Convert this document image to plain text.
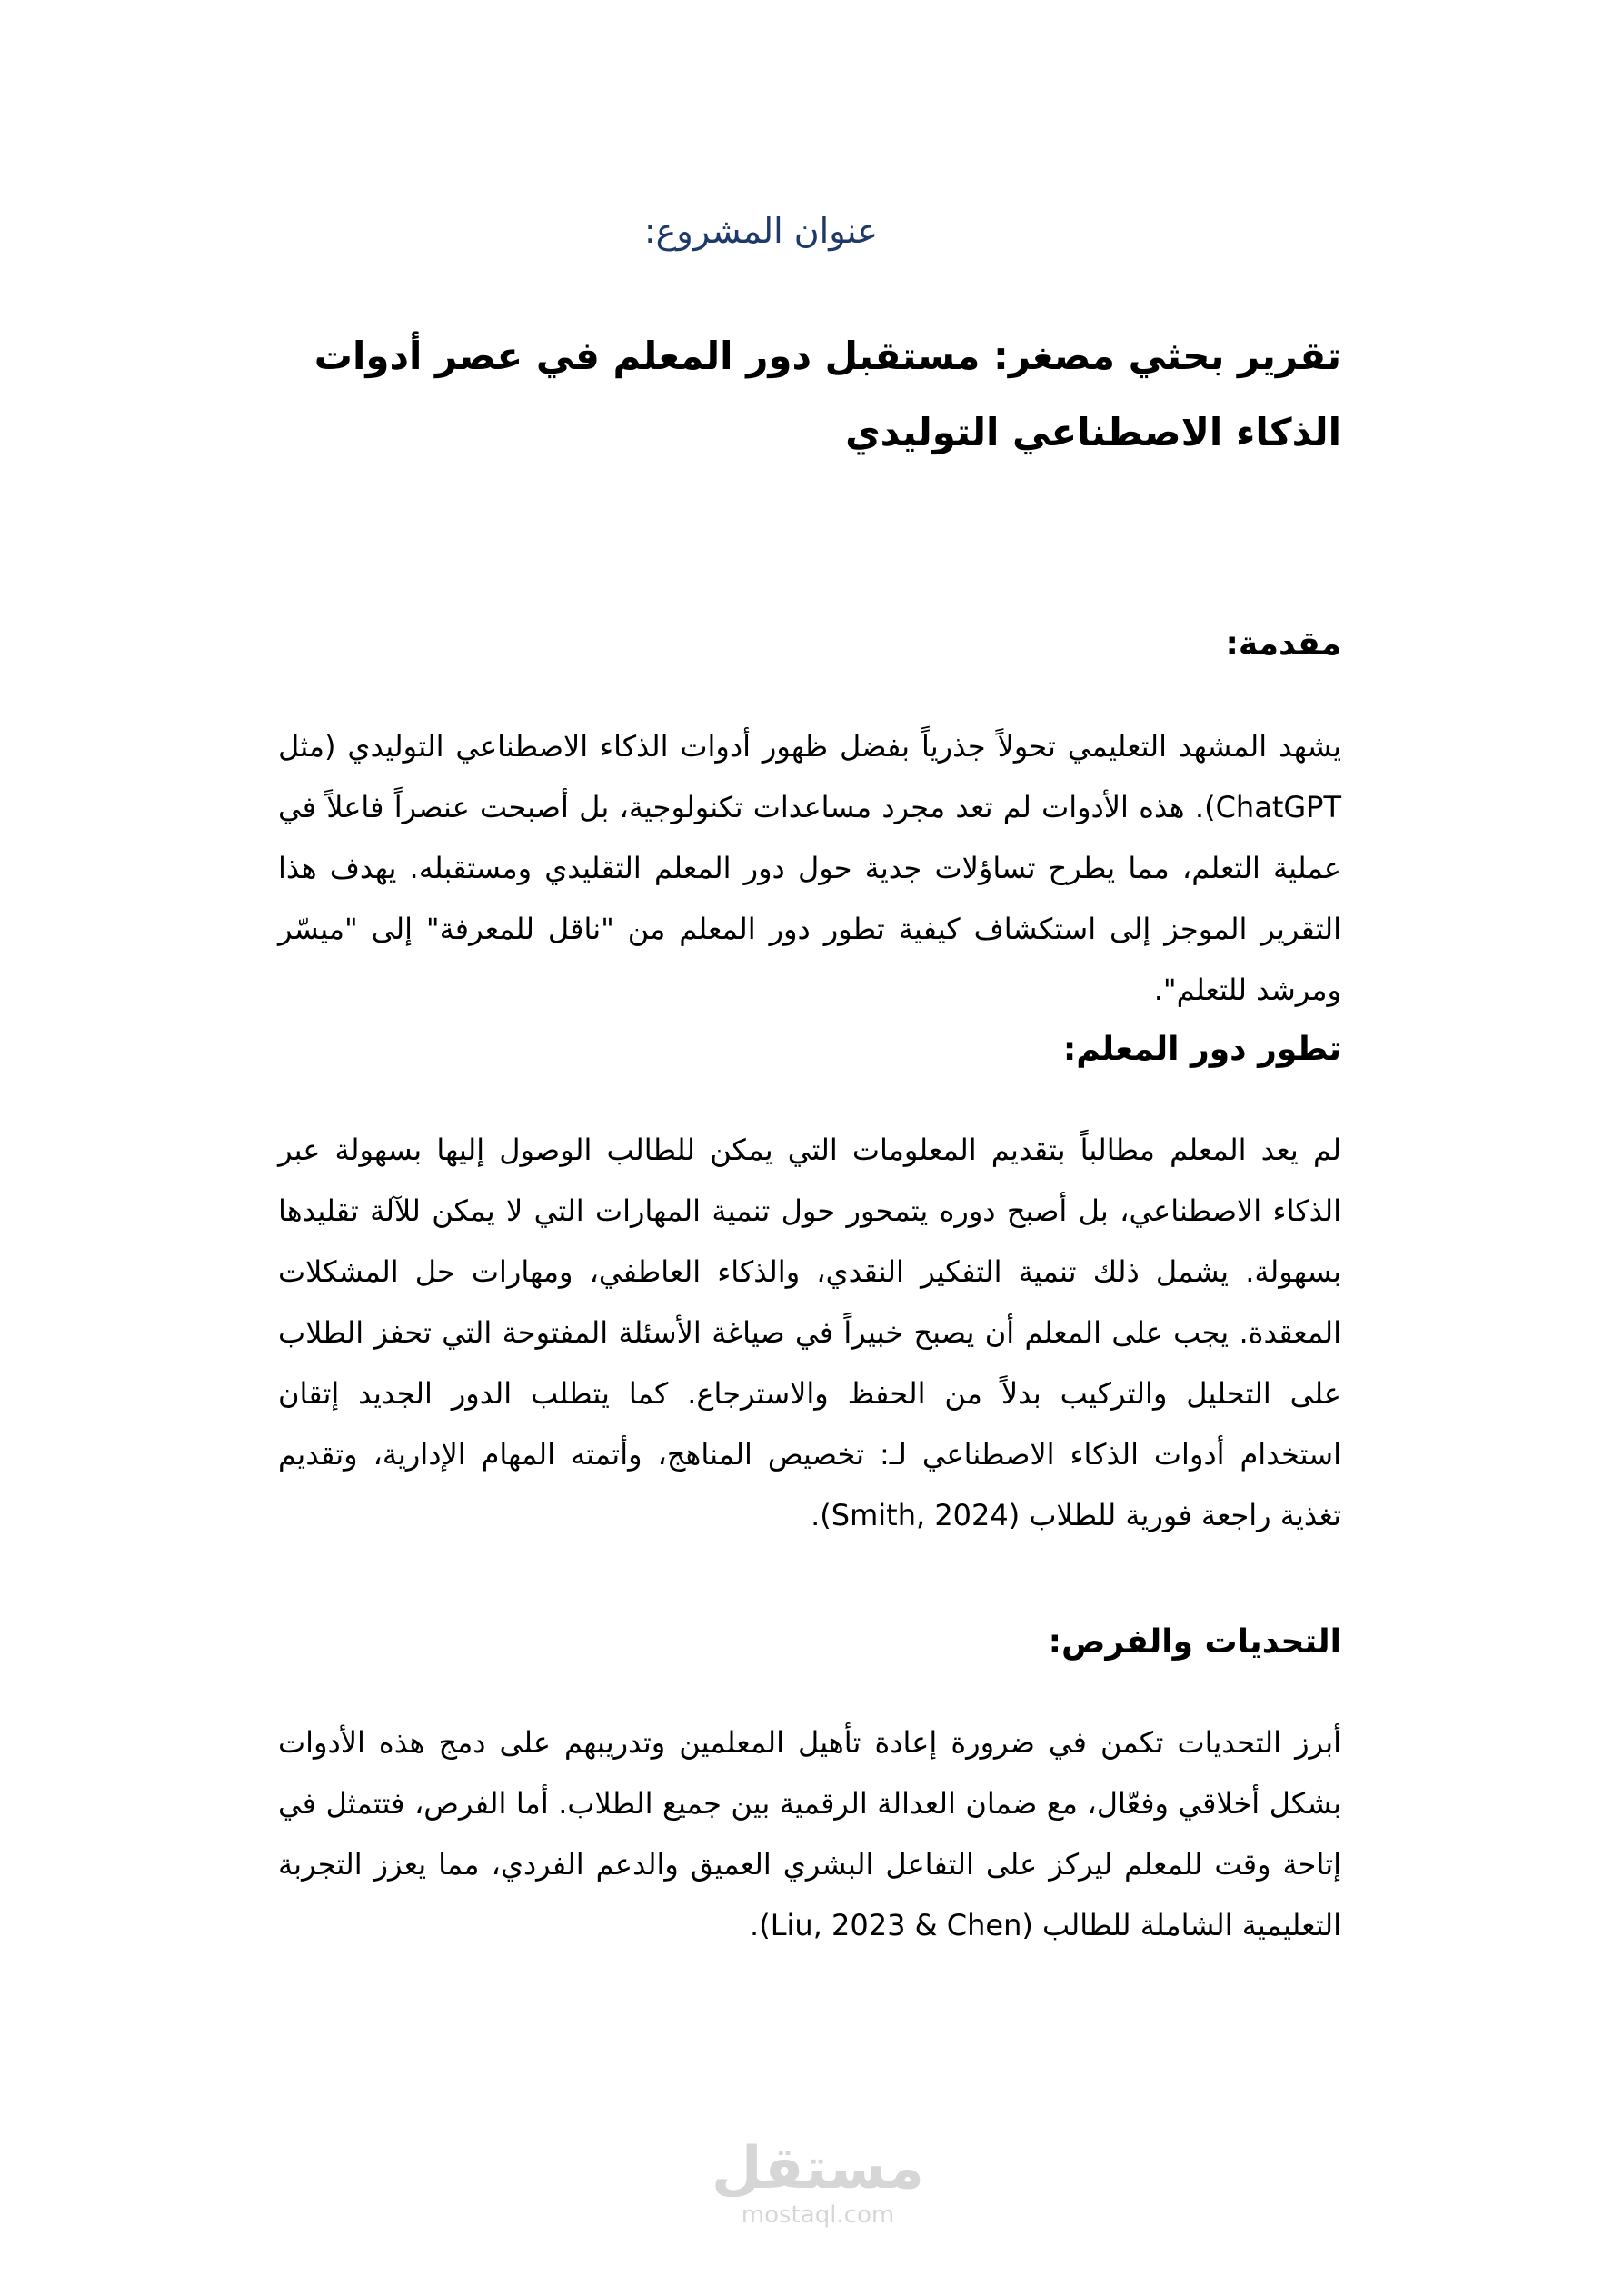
عنوان المشروع:
تقرير بحثي مصغر: مستقبل دور المعلم في عصر أدوات الذكاء الاصطناعي التوليدي
مقدمة:

يشهد المشهد التعليمي تحولاً جذرياً بفضل ظهور أدوات الذكاء الاصطناعي التوليدي (مثل ChatGPT). هذه الأدوات لم تعد مجرد مساعدات تكنولوجية، بل أصبحت عنصراً فاعلاً في عملية التعلم، مما يطرح تساؤلات جدية حول دور المعلم التقليدي ومستقبله. يهدف هذا التقرير الموجز إلى استكشاف كيفية تطور دور المعلم من "ناقل للمعرفة" إلى "ميسّر ومرشد للتعلم".

تطور دور المعلم:

لم يعد المعلم مطالباً بتقديم المعلومات التي يمكن للطالب الوصول إليها بسهولة عبر الذكاء الاصطناعي، بل أصبح دوره يتمحور حول تنمية المهارات التي لا يمكن للآلة تقليدها بسهولة. يشمل ذلك تنمية التفكير النقدي، والذكاء العاطفي، ومهارات حل المشكلات المعقدة. يجب على المعلم أن يصبح خبيراً في صياغة الأسئلة المفتوحة التي تحفز الطلاب على التحليل والتركيب بدلاً من الحفظ والاسترجاع. كما يتطلب الدور الجديد إتقان استخدام أدوات الذكاء الاصطناعي لـ: تخصيص المناهج، وأتمته المهام الإدارية، وتقديم تغذية راجعة فورية للطلاب (Smith, 2024).

التحديات والفرص:

أبرز التحديات تكمن في ضرورة إعادة تأهيل المعلمين وتدريبهم على دمج هذه الأدوات بشكل أخلاقي وفعّال، مع ضمان العدالة الرقمية بين جميع الطلاب. أما الفرص، فتتمثل في إتاحة وقت للمعلم ليركز على التفاعل البشري العميق والدعم الفردي، مما يعزز التجربة التعليمية الشاملة للطالب (Liu, 2023 & Chen).

مستقل
mostaql.com
